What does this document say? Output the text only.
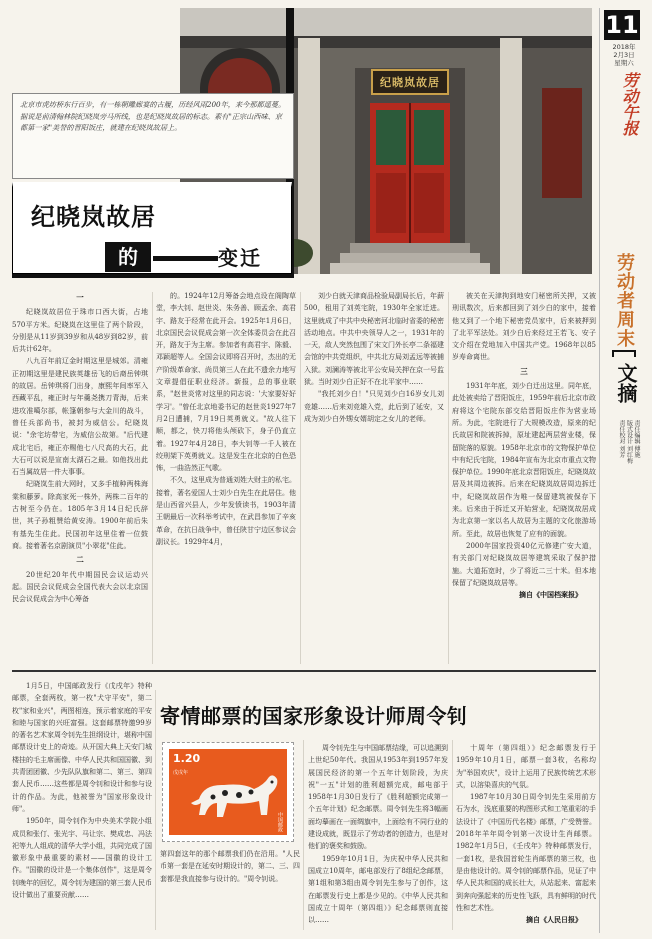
纪晓岚故居
北京市虎坊桥东行百步，有一栋朝雕廊宴的古履，历经风雨200年，来今那都遥蔓。据说是前清翰林院纪晓岚旁马所线，也是纪晓岚故居的标志。素有"正宗山西味、京都第一家"美誉的晋阳饭庄，就建在纪晓岚故居上。
纪晓岚故居
的	变迁
11
2018年
2月3日
星期六
劳动午报
劳动者周末
文摘
责任编辑 傅施
版式设计 刘红梅
责任校对 刘芳

一

纪晓岚故居位于珠市口西大街，占地570平方米。纪晓岚在这里住了两个阶段，分别是从11岁到39岁和从48岁到82岁，前后共计62年。

八九百年前辽金时期这里是城郊。清雍正初期这里是建民族英雄岳飞的后裔岳钟琪的故居。岳钟琪将门出身，康熙年间率军入西藏平乱，雍正时与年羹尧携刀青海，后来进攻准噶尔部，帐篷朝参与大金川的战斗，曾任兵部尚书，被封为威信公。纪晓岚说："余宅坊带宅，为威信公故第。"后代建成北宅后，雍正亦赐他七八尺高的大石，此大石可以说是宣南太湖石之最。如他找出此石当属故居一件大事事。

纪晓岚生前大网时，又多手植种两株海棠和藤萝。除高家死一株外，两株二百年的古树至今仍在。1805年3月14日纪氏辞世，其子孙粗赞给黄安涛。1900年前后朱有基先生住此。民国初年这里住着一位鼓商。接着著名京剧演员"小翠花"住此。

二

20世纪20年代中期国民会议运动兴起。国民会议促成会全国代表大会以北京国民会议促成会为中心筹备

的。1924年12月筹备会地点设在阁陶草堂，李大钊、赵世炎、朱务善、顾孟余、高君宇、路友于经常在此开会。1925年1月6日，北京国民会议促成会第一次全体委员会在此召开，路友于为主席。参加者有高君宇、陈毅、邓颖超等人。全国会议即将召开时，杰出的无产阶级革命家、尚员第三人在此不遗余力地写文章提倡征职业经济。新报，总的事业联系，"赵世炎常对这里的同志说：'大家要好好学习'。"曾任北京地委书记的赵世炎1927年7月2日遭捕，7月19日英勇就义。"故人往下顺，都之，快刀将他头颅砍下，身子仍直立着。1927年4月28日，李大钊等一千人被在绞刑架下英勇就义。这是发生在北京的白色恐怖，一曲浩然正气歌。

不久，这里成为普通刘姓大财主的私宅。接着，著名爱国人士刘少白先生在此居住。他是山西省兴县人，少年发愤读书，1903年清王朝最后一次科举考试中，在武昌参加了辛亥革命，在抗日战争中，曾任陕甘宁边区参议会副议长。1929年4月，

刘少白就天津商品检验局副局长后，年薪500，租用了刘英宅院，1930年全家迁进。这里就成了中共中央秘密河北临时省委的秘密活动地点。中共中央领导人之一，1931年的一天，敌人突然包围了宋文门外长亭二条福建会馆的中共党组织，中共北方局刘孟远等被捕入狱。刘澜涛等被北平公安局关押在京一号监狱。当时刘少白正好不在北平家中……

"我托刘少白！"只见刘少白16岁女儿刘竞雄……后来刘竞雄入党，此后到了延安，又成为刘少白外甥女婿胡定之女儿的老师。

被关在天津拘到地安门秘密所关押，又被刑讯数次，后来都回到了刘少白的家中，接着他又到了一个地下秘密党员家中，后来被押到了北平军法处。刘少白后来经过王若飞、安子文介绍在党地加入中国共产党。1968年以85岁寿命离世。

三

1931年年底，刘少白迁出这里。同年底，此处被卖给了晋阳饭庄，1959年前后北京市政府将这个宅院东部交给晋阳饭庄作为营业场所。为此，宅院进行了大规模改造，原来的纪氏故居和院被拆掉，原址建起两层营业楼，保留院落的原貌。1958年北京市的文物保护单位中有纪氏宅院，1984年宣布为北京市重点文物保护单位。1990年底北京晋阳饭庄，纪晓岚故居及其周边被拆。后来在纪晓岚故居周边拆迁中，纪晓岚故居作为唯一保留建筑被保存下来。后来由于拆迁又开始营业，纪晓岚故居成为北京第一家以名人故居为主题的文化旅游场所。至此，故居也恢复了应有的面貌。

2000年国家投资40亿元修建广安大道，有关部门对纪晓岚故居等建筑采取了保护措施。大道拓宽时，少了将近二三十米。但本地保留了纪晓岚故居等。

摘自《中国档案报》

1月5日，中国邮政发行《戊戌年》特种邮票，全套两枚，第一枚"犬守平安"，第二枚"家和业兴"，两图相连，预示着家庭的平安和睦与国家的兴旺富强。这套邮票特邀99岁的著名艺术家周令钊先生担纲设计，堪称中国邮票设计史上的奇迹。从开国大典上天安门城楼挂的毛主席画像、中华人民共和国国徽、到共青团团徽、少先队队旗和第二、第三、第四套人民币……这些都是周令钊和设计和参与设计的作品。为此，他被誉为"国家形象设计师"。

1950年，周令钊作为中央美术学院小组成员和张仃、张光宇、马让宗、樊成忠、冯法祀等九人组成的清华大学小组，共同完成了国徽形象中最重要的素材——国徽的设计工作。"国徽的设计是一个集体创作"，这是周令钊晚年的回忆，周令钊为建国的第三套人民币设计做出了重要贡献……

寄情邮票的国家形象设计师周令钊
1.20
戊戌年
中国邮政
第四套这年的那个邮票我们仍在沿用。"人民币第一套是在延安时期设计的，第二、三、四套都是我直接参与设计的。"周令钊说。

周令钊先生与中国邮票结缘，可以追溯到上世纪50年代。我国从1953年到1957年发展国民经济的第一个五年计划阶段，为庆祝"一五"计划的胜利超额完成，邮电部于1958年1月30日发行了《胜利超额完成第一个五年计划》纪念邮票。周令钊先生将3幅画面均摹画在一面绸旗中，上面绘有不同行业的建设成就，既显示了劳动者的创造力，也是对他们的褒奖和鼓励。

1959年10月1日，为庆祝中华人民共和国成立10周年，邮电部发行了8组纪念邮票，第1组和第3组由周令钊先生参与了创作，这在邮票发行史上都是少见的。《中华人民共和国成立十周年（第四组）》纪念邮票则直接以……

十周年（第四组）》纪念邮票发行于1959年10月1日，邮票一套3枚，名称均为"举国欢庆"，设计上运用了民族传统艺术形式，以溶染喜庆的气氛。

1987年10月30日周令钊先生采用前方石为水，浅底重要的构图形式和工笔重彩的手法设计了《中国历代名楼》邮票，广受赞誉。2018年羊年周令钊第一次设计生肖邮票。1982年1月5日，《壬戌年》特种邮票发行，一套1枚，是我国首轮生肖邮票的第三枚，也是由他设计的。周令钊的邮票作品，见证了中华人民共和国的成长壮大，从站起来、富起来到奔向强起来的历史性飞跃，具有鲜明的时代性和艺术性。

摘自《人民日报》
